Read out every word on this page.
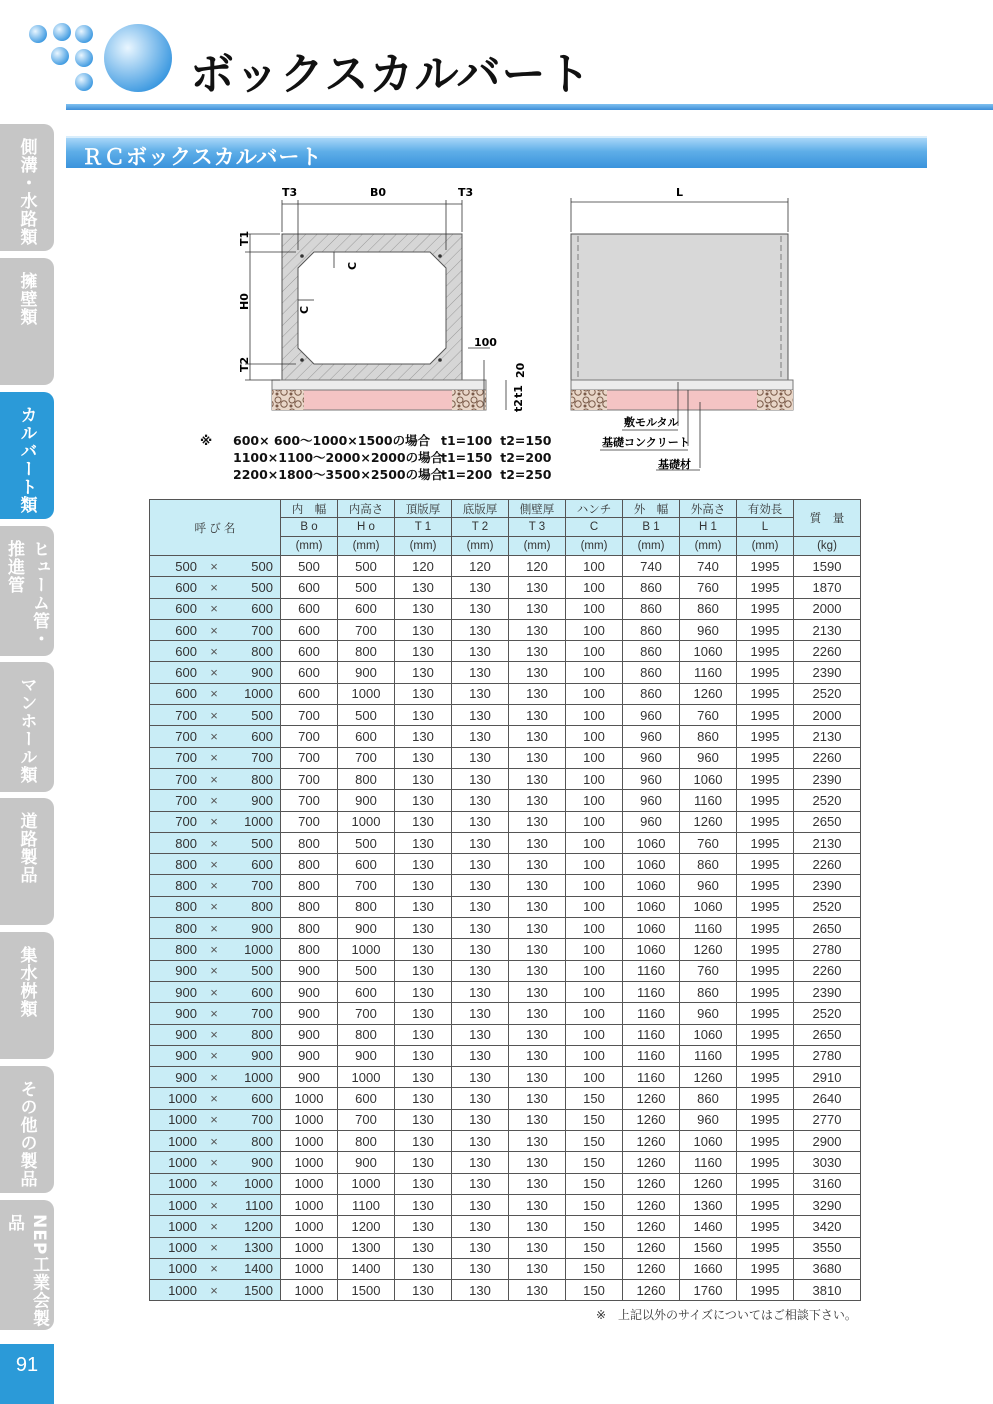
ボックスカルバート
側溝・水路類
擁壁類
カルバート類
ヒューム管・推進管
マンホール類
道路製品
集水桝類
その他の製品
NEP工業会製品
91
ＲＣボックスカルバート
T3	B0	T3
T1
H0
T2
C
C
100
20
t1
t2
L
敷モルタル
基礎コンクリート
基礎材
※	600× 600～1000×1500の場合 t1=100 t2=150
1100×1100～2000×2000の場合t1=150 t2=200
2200×1800～3500×2500の場合t1=200 t2=250
呼 び 名	内　幅	内高さ	頂版厚	底版厚	側壁厚	ハンチ	外　幅	外高さ	有効長	質　量
	B o	H o	T 1	T 2	T 3	C	B 1	H 1	L	
	(mm)	(mm)	(mm)	(mm)	(mm)	(mm)	(mm)	(mm)	(mm)	(kg)
500 × 500	500	500	120	120	120	100	740	740	1995	1590
600 × 500	600	500	130	130	130	100	860	760	1995	1870
600 × 600	600	600	130	130	130	100	860	860	1995	2000
600 × 700	600	700	130	130	130	100	860	960	1995	2130
600 × 800	600	800	130	130	130	100	860	1060	1995	2260
600 × 900	600	900	130	130	130	100	860	1160	1995	2390
600 × 1000	600	1000	130	130	130	100	860	1260	1995	2520
700 × 500	700	500	130	130	130	100	960	760	1995	2000
700 × 600	700	600	130	130	130	100	960	860	1995	2130
700 × 700	700	700	130	130	130	100	960	960	1995	2260
700 × 800	700	800	130	130	130	100	960	1060	1995	2390
700 × 900	700	900	130	130	130	100	960	1160	1995	2520
700 × 1000	700	1000	130	130	130	100	960	1260	1995	2650
800 × 500	800	500	130	130	130	100	1060	760	1995	2130
800 × 600	800	600	130	130	130	100	1060	860	1995	2260
800 × 700	800	700	130	130	130	100	1060	960	1995	2390
800 × 800	800	800	130	130	130	100	1060	1060	1995	2520
800 × 900	800	900	130	130	130	100	1060	1160	1995	2650
800 × 1000	800	1000	130	130	130	100	1060	1260	1995	2780
900 × 500	900	500	130	130	130	100	1160	760	1995	2260
900 × 600	900	600	130	130	130	100	1160	860	1995	2390
900 × 700	900	700	130	130	130	100	1160	960	1995	2520
900 × 800	900	800	130	130	130	100	1160	1060	1995	2650
900 × 900	900	900	130	130	130	100	1160	1160	1995	2780
900 × 1000	900	1000	130	130	130	100	1160	1260	1995	2910
1000 × 600	1000	600	130	130	130	150	1260	860	1995	2640
1000 × 700	1000	700	130	130	130	150	1260	960	1995	2770
1000 × 800	1000	800	130	130	130	150	1260	1060	1995	2900
1000 × 900	1000	900	130	130	130	150	1260	1160	1995	3030
1000 × 1000	1000	1000	130	130	130	150	1260	1260	1995	3160
1000 × 1100	1000	1100	130	130	130	150	1260	1360	1995	3290
1000 × 1200	1000	1200	130	130	130	150	1260	1460	1995	3420
1000 × 1300	1000	1300	130	130	130	150	1260	1560	1995	3550
1000 × 1400	1000	1400	130	130	130	150	1260	1660	1995	3680
1000 × 1500	1000	1500	130	130	130	150	1260	1760	1995	3810
※　上記以外のサイズについてはご相談下さい。
